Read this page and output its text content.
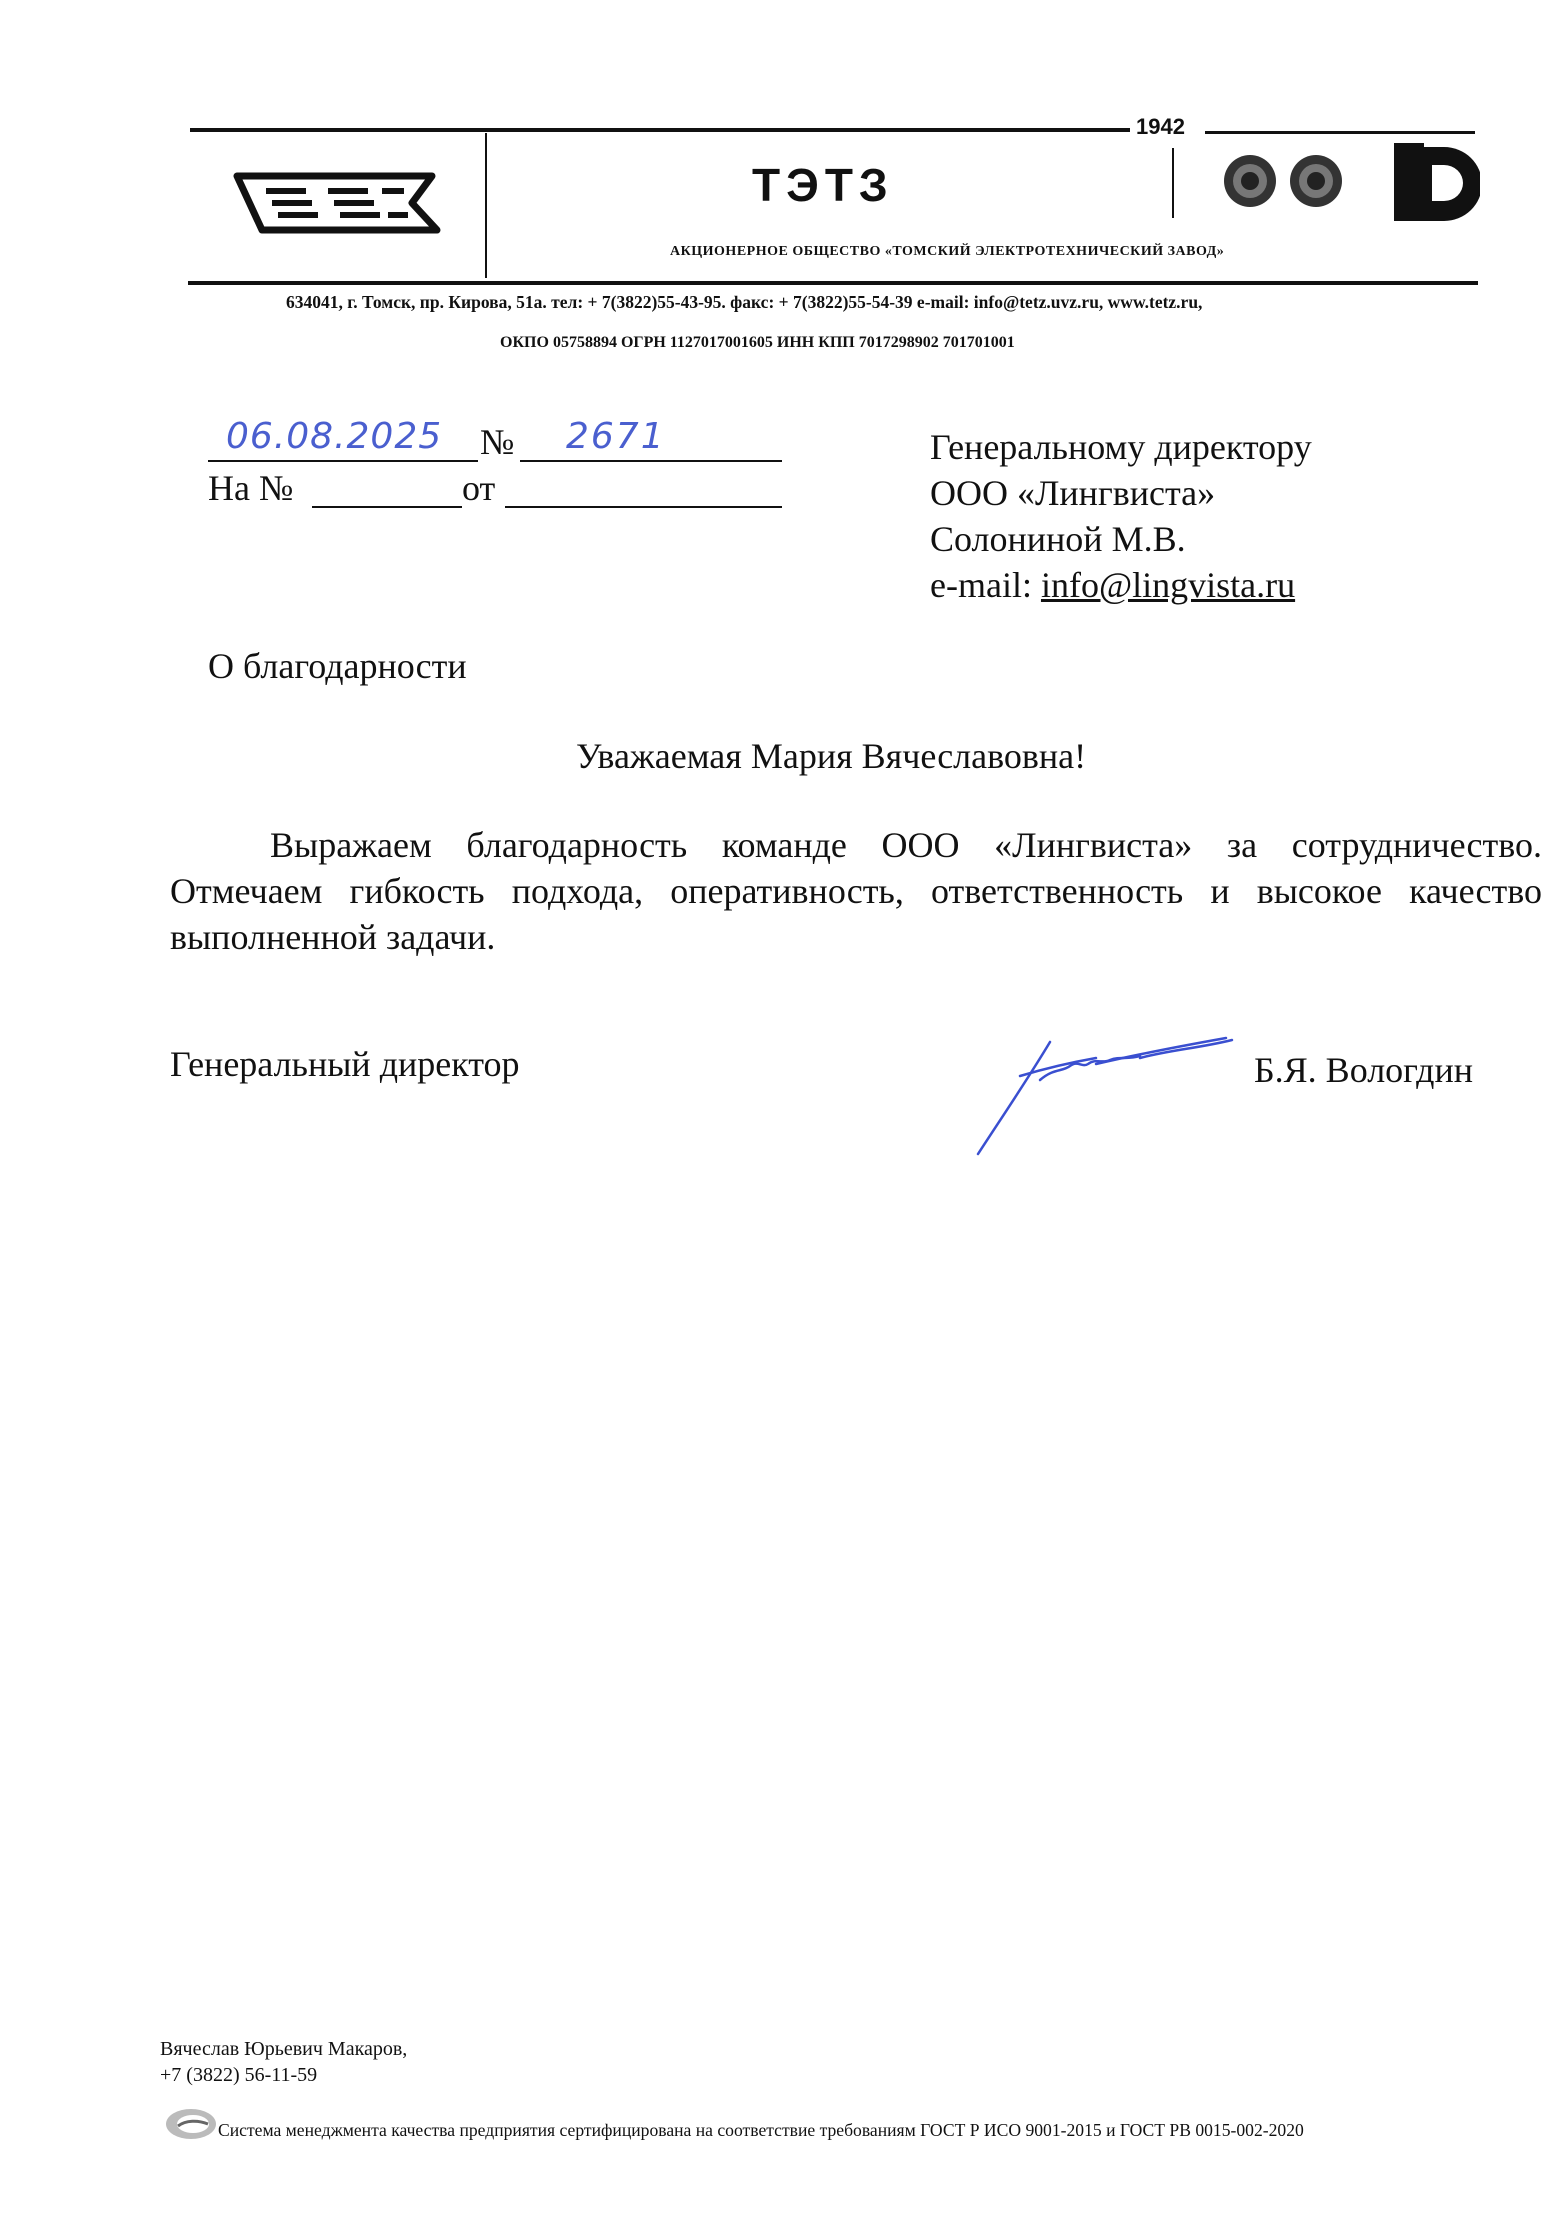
1942
ТЭТЗ
АКЦИОНЕРНОЕ ОБЩЕСТВО «ТОМСКИЙ ЭЛЕКТРОТЕХНИЧЕСКИЙ ЗАВОД»
634041, г. Томск, пр. Кирова, 51а. тел: + 7(3822)55-43-95. факс: + 7(3822)55-54-39 e-mail: info@tetz.uvz.ru, www.tetz.ru,
ОКПО 05758894 ОГРН 1127017001605 ИНН КПП 7017298902 701701001
06.08.2025 № 2671
На №	от
Генеральному директору
ООО «Лингвиста»
Солониной М.В.
e-mail: info@lingvista.ru
О благодарности
Уважаемая Мария Вячеславовна!
Выражаем благодарность команде ООО «Лингвиста» за сотрудничество. Отмечаем гибкость подхода, оперативность, ответственность и высокое качество выполненной задачи.
Генеральный директор	Б.Я. Вологдин
Вячеслав Юрьевич Макаров,
+7 (3822) 56-11-59
Система менеджмента качества предприятия сертифицирована на соответствие требованиям ГОСТ Р ИСО 9001-2015 и ГОСТ РВ 0015-002-2020
